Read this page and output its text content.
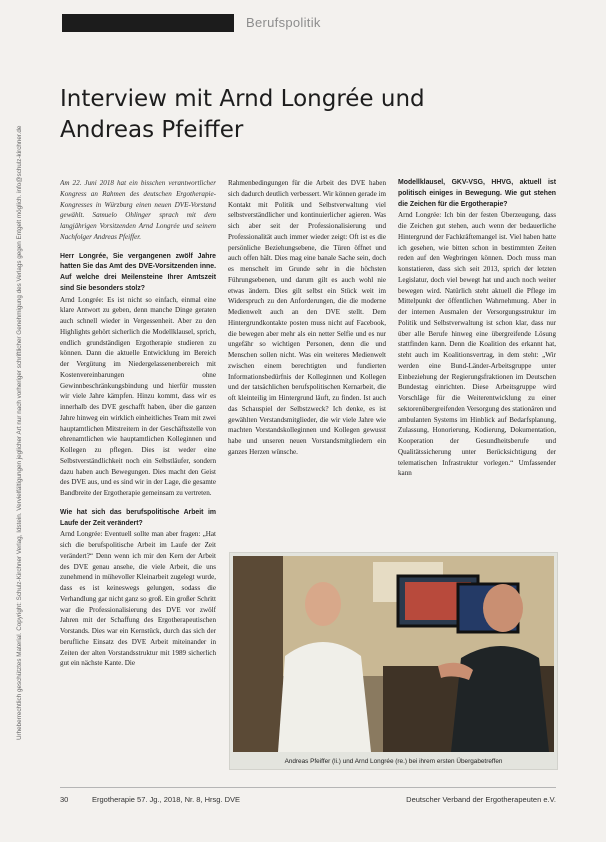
Berufspolitik
Urheberrechtlich geschütztes Material. Copyright: Schulz-Kirchner Verlag, Idstein. Vervielfältigungen jeglicher Art nur nach vorheriger schriftlicher Genehmigung des Verlags gegen Entgelt möglich. info@schulz-kirchner.de
Interview mit Arnd Longrée und Andreas Pfeiffer

Am 22. Juni 2018 hat ein bisschen verantwortlicher Kongress an Rahmen des deutschen Ergotherapie-Kongresses in Würzburg einen neuen DVE-Vorstand gewählt. Samuelo Ohlinger sprach mit dem langjährigen Vorsitzenden Arnd Longrée und seinem Nachfolger Andreas Pfeiffer.

Herr Longrée, Sie vergangenen zwölf Jahre hatten Sie das Amt des DVE-Vorsitzenden inne. Auf welche drei Meilensteine Ihrer Amtszeit sind Sie besonders stolz?

Arnd Longrée: Es ist nicht so einfach, einmal eine klare Antwort zu geben, denn manche Dinge geraten auch schnell wieder in Vergessenheit. Aber zu den Highlights gehört sicherlich die Modellklausel, sprich, endlich grundständigen Ergotherapie studieren zu können. Dann die aktuelle Entwicklung im Bereich der Vergütung im Niedergelassenenbereich mit Kostenvereinbarungen ohne Gewinnbeschränkungsbindung und hierfür mussten wir viele Jahre kämpfen. Hinzu kommt, dass wir es innerhalb des DVE geschafft haben, über die ganzen Jahre hinweg ein wirklich einheitliches Team mit zwei hauptamtlichen Mitstreitern in der Geschäftsstelle von ehrenamtlichen wie hauptamtlichen Kolleginnen und Kollegen zu pflegen. Dies ist weder eine Selbstverständlichkeit noch ein Selbstläufer, sondern dazu haben auch Bewegungen. Dies macht den Geist des DVE aus, und es sind wir in der Lage, die gesamte Bandbreite der Ergotherapie gemeinsam zu vertreten.

Wie hat sich das berufspolitische Arbeit im Laufe der Zeit verändert?

Arnd Longrée: Eventuell sollte man aber fragen: „Hat sich die berufspolitische Arbeit im Laufe der Zeit verändert?“ Denn wenn ich mir den Kern der Arbeit des DVE genau ansehe, die viele Arbeit, die uns zunehmend in mühevoller Kleinarbeit zugelegt wurde, dass es ist keineswegs gelungen, sodass die Verhandlung gar nicht ganz so groß. Ein großer Schritt war die Professionalisierung des DVE vor zwölf Jahren mit der Schaffung des Ergotherapeutischen Vorstands. Dies war ein Kernstück, durch das sich der berufliche Einsatz des DVE Arbeit miteinander in Zeiten der alten Vorstandsstruktur mit 1989 sicherlich gut ein nächste Kante. Die

Rahmenbedingungen für die Arbeit des DVE haben sich dadurch deutlich verbessert. Wir können gerade im Kontakt mit Politik und Selbstverwaltung viel selbstverständlicher und kontinuierlicher agieren. Was sich aber seit der Professionalisierung und Professionalität auch immer wieder zeigt: Oft ist es die persönliche Beziehungsebene, die Türen öffnet und auch offen hält. Dies mag eine banale Sache sein, doch es menschelt im Grunde sehr in die höchsten Führungsebenen, und darum gilt es auch wohl nie etwas ändern. Dies gilt selbst ein Stück weit im Widerspruch zu den Anforderungen, die die moderne Medienwelt auch an den DVE stellt. Dem Hintergrundkontakte posten muss nicht auf Facebook, die bewegen aber mehr als ein netter Selfie und es nur ungefähr so wichtigen Personen, denn die und Menschen sollen nicht. Was ein weiteres Medienwelt zwischen einem berechtigten und fundierten Informationsbedürfnis der Kolleginnen und Kollegen und der tatsächlichen berufspolitischen Kernarbeit, die oft kleinteilig im Hintergrund läuft, zu finden. Ist auch das Schauspiel der Selbstzweck? Ich denke, es ist gewählten Verstandsmitglieder, die wir viele Jahre wie machten Vorstandskolleginnen und Kollegen gewusst habe und unseren neuen Vorstandsmitgliedern ein ganzes Herzen wünsche.

Modellklausel, GKV-VSG, HHVG, aktuell ist politisch einiges in Bewegung. Wie gut stehen die Zeichen für die Ergotherapie?

Arnd Longrée: Ich bin der festen Überzeugung, dass die Zeichen gut stehen, auch wenn der bedauerliche Hintergrund der Fachkräftemangel ist. Viel haben hatte ich gesehen, wie bitten schon in bestimmten Zeiten reden auf den Wegbringen können. Doch muss man konstatieren, dass sich seit 2013, sprich der letzten Legislatur, doch viel bewegt hat und auch noch weiter bewegen wird. Natürlich steht aktuell die Pflege im Mittelpunkt der öffentlichen Wahrnehmung. Aber in der internen Ausmalen der Versorgungsstruktur im Politik und Selbstverwaltung ist schon klar, dass nur über alle Berufe hinweg eine übergreifende Lösung stattfinden kann. Denn die Koalition des erkannt hat, steht auch im Koalitionsvertrag, in dem steht: „Wir werden eine Bund-Länder-Arbeitsgruppe unter Einbeziehung der Regierungsfraktionen im Deutschen Bundestag einrichten. Diese Arbeitsgruppe wird Vorschläge für die Weiterentwicklung zu einer sektorenübergreifenden Versorgung des stationären und ambulanten Systems im Hinblick auf Bedarfsplanung, Zulassung, Honorierung, Kodierung, Dokumentation, Kooperation der Gesundheitsberufe und Qualitätssicherung unter Berücksichtigung der telematischen Infrastruktur vorlegen.“ Umfassender kann

Andreas Pfeiffer (li.) und Arnd Longrée (re.) bei ihrem ersten Übergabetreffen
30	Ergotherapie 57. Jg., 2018, Nr. 8, Hrsg. DVE	Deutscher Verband der Ergotherapeuten e.V.
